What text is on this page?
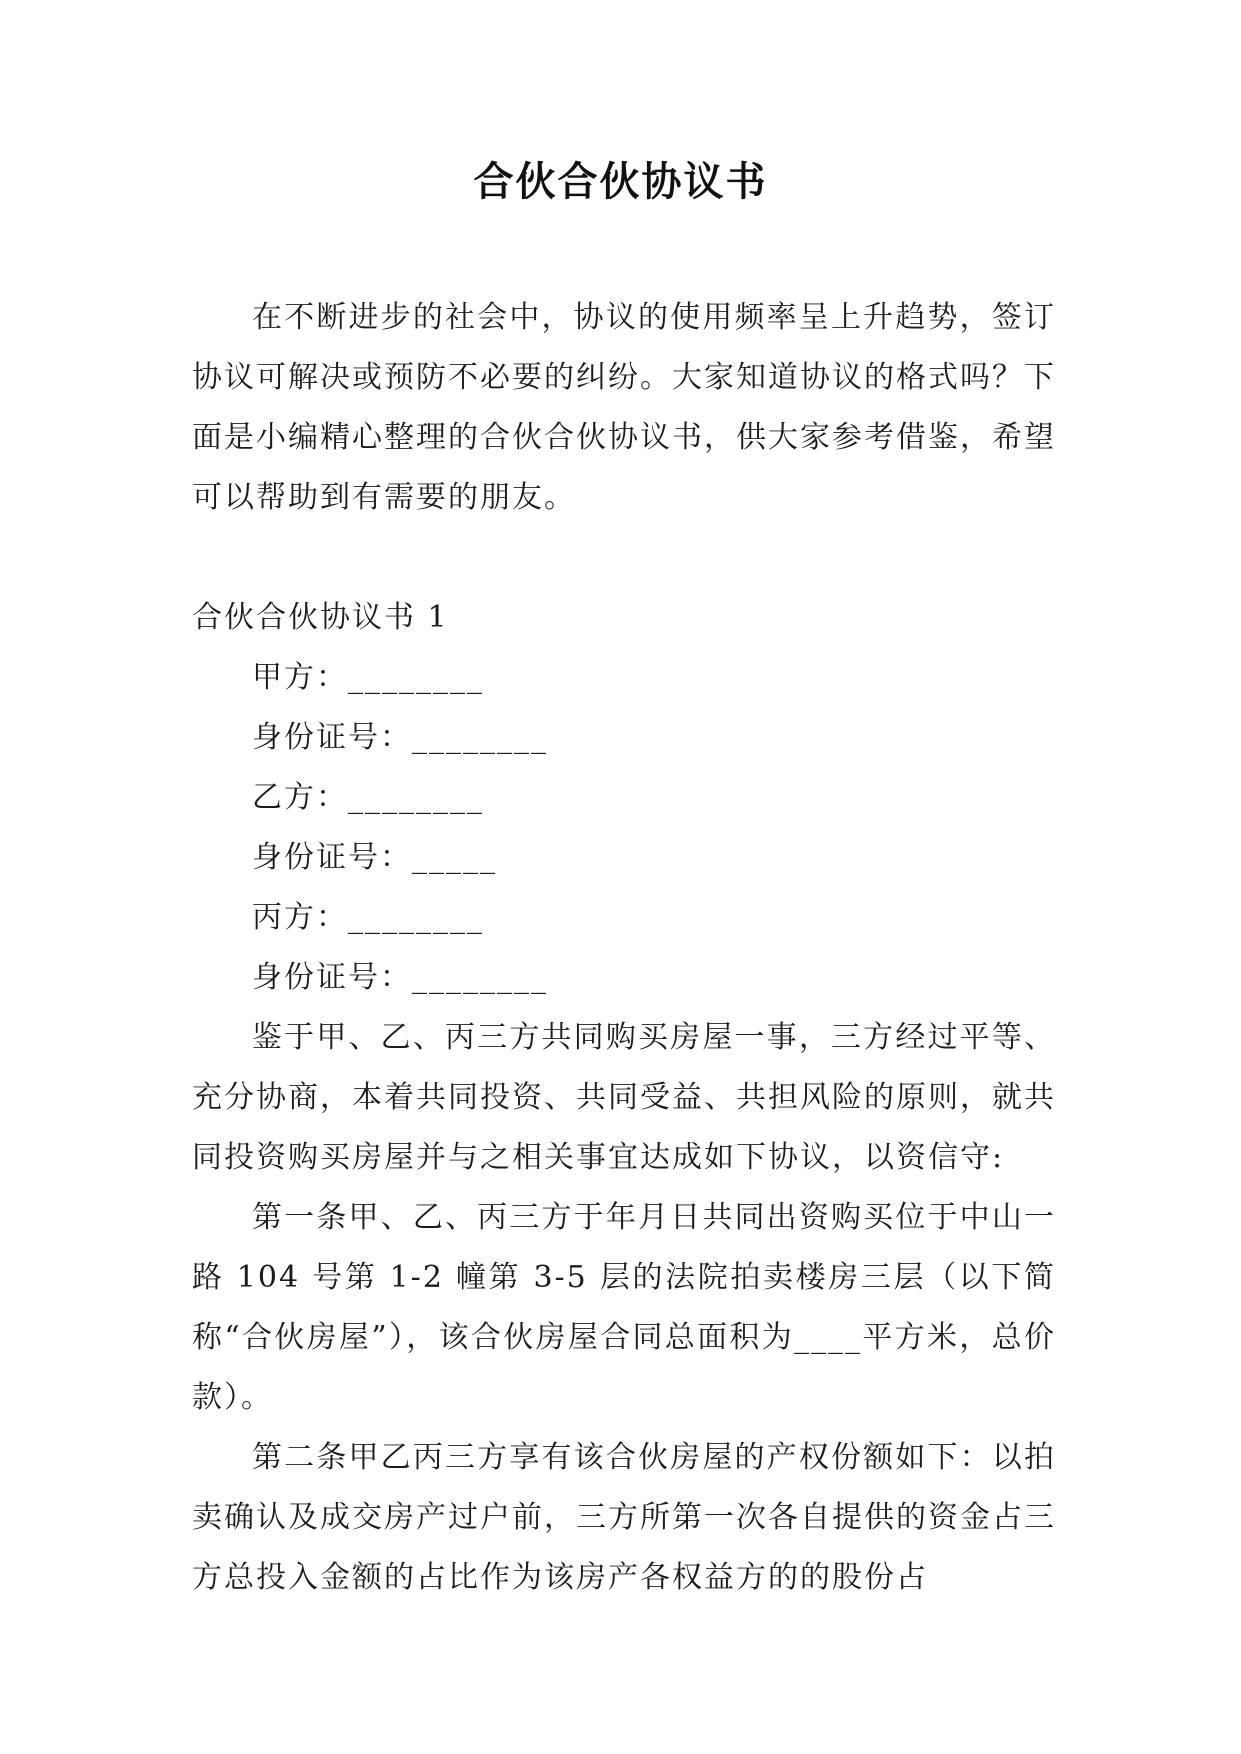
合伙合伙协议书

在不断进步的社会中，协议的使用频率呈上升趋势，签订协议可解决或预防不必要的纠纷。大家知道协议的格式吗？下面是小编精心整理的合伙合伙协议书，供大家参考借鉴，希望可以帮助到有需要的朋友。

合伙合伙协议书 1

甲方：________

身份证号：________

乙方：________

身份证号：_____

丙方：________

身份证号：________

鉴于甲、乙、丙三方共同购买房屋一事，三方经过平等、充分协商，本着共同投资、共同受益、共担风险的原则，就共同投资购买房屋并与之相关事宜达成如下协议，以资信守:

第一条甲、乙、丙三方于年月日共同出资购买位于中山一路 104 号第 1-2 幢第 3-5 层的法院拍卖楼房三层（以下简称“合伙房屋”），该合伙房屋合同总面积为____平方米，总价款）。

第二条甲乙丙三方享有该合伙房屋的产权份额如下：以拍卖确认及成交房产过户前，三方所第一次各自提供的资金占三方总投入金额的占比作为该房产各权益方的的股份占
